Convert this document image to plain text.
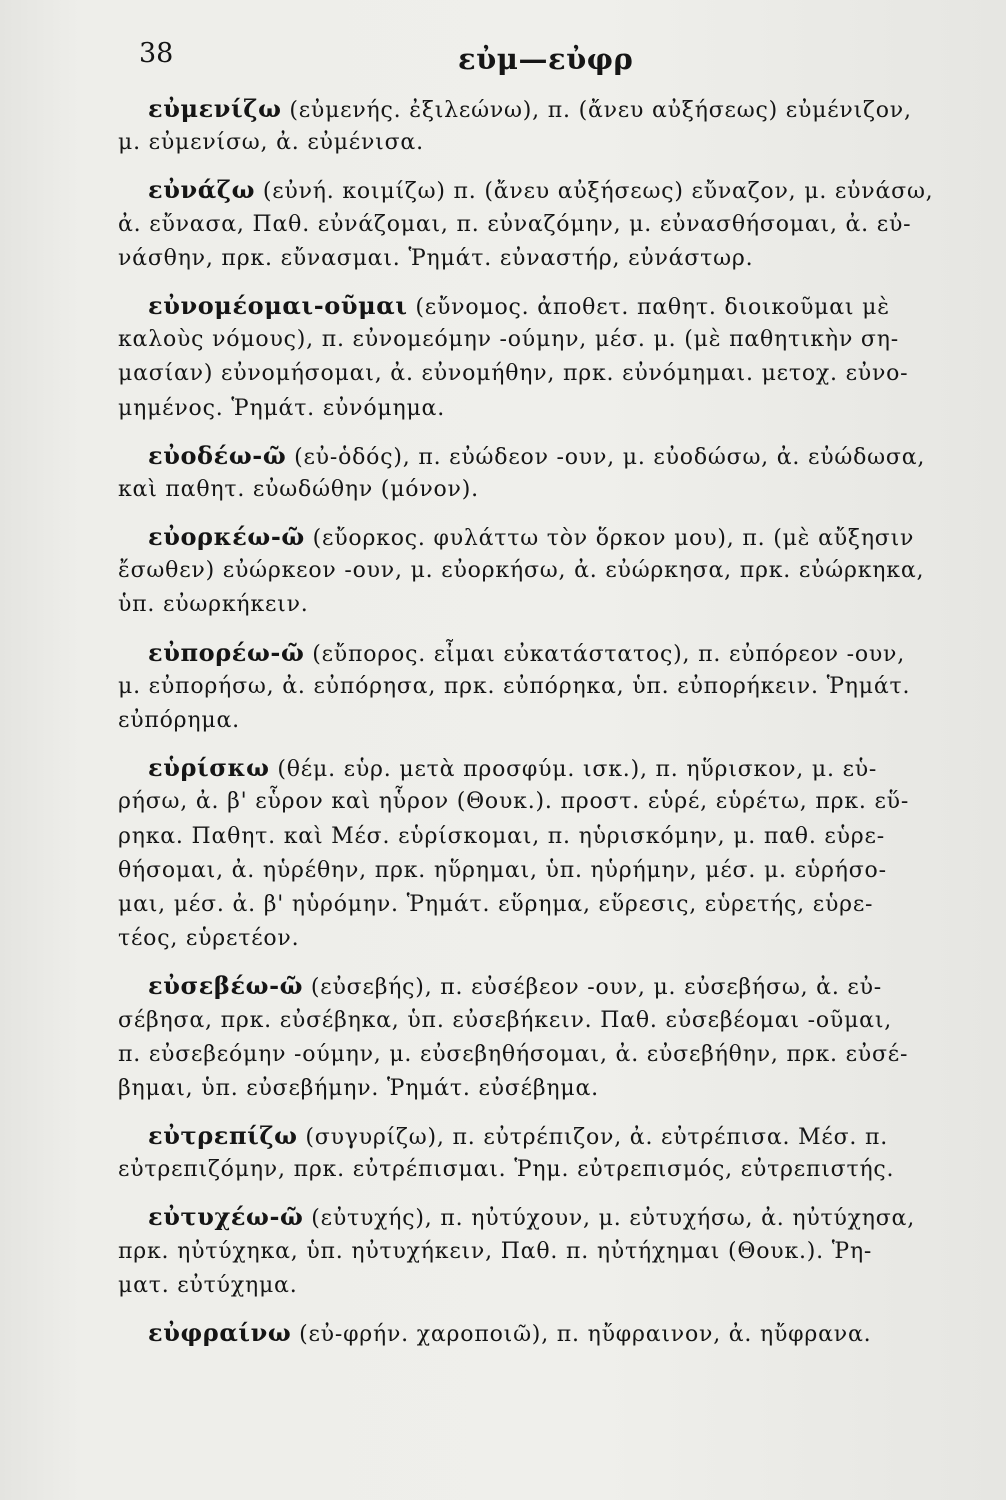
38	εὐμ—εὐφρ
εὐμενίζω (εὐμενής. ἐξιλεώνω), π. (ἄνευ αὐξήσεως) εὐμένιζον,
μ. εὐμενίσω, ἀ. εὐμένισα.
εὐνάζω (εὐνή. κοιμίζω) π. (ἄνευ αὐξήσεως) εὔναζον, μ. εὐνάσω,
ἀ. εὔνασα, Παθ. εὐνάζομαι, π. εὐναζόμην, μ. εὐνασθήσομαι, ἀ. εὐ-
νάσθην, πρκ. εὔνασμαι. Ῥημάτ. εὐναστήρ, εὐνάστωρ.
εὐνομέομαι-οῦμαι (εὔνομος. ἀποθετ. παθητ. διοικοῦμαι μὲ
καλοὺς νόμους), π. εὐνομεόμην -ούμην, μέσ. μ. (μὲ παθητικὴν ση-
μασίαν) εὐνομήσομαι, ἀ. εὐνομήθην, πρκ. εὐνόμημαι. μετοχ. εὐνο-
μημένος. Ῥημάτ. εὐνόμημα.
εὐοδέω-ῶ (εὐ-ὁδός), π. εὐώδεον -ουν, μ. εὐοδώσω, ἀ. εὐώδωσα,
καὶ παθητ. εὐωδώθην (μόνον).
εὐορκέω-ῶ (εὔορκος. φυλάττω τὸν ὅρκον μου), π. (μὲ αὔξησιν
ἔσωθεν) εὐώρκεον -ουν, μ. εὐορκήσω, ἀ. εὐώρκησα, πρκ. εὐώρκηκα,
ὑπ. εὐωρκήκειν.
εὐπορέω-ῶ (εὔπορος. εἶμαι εὐκατάστατος), π. εὐπόρεον -ουν,
μ. εὐπορήσω, ἀ. εὐπόρησα, πρκ. εὐπόρηκα, ὑπ. εὐπορήκειν. Ῥημάτ.
εὐπόρημα.
εὑρίσκω (θέμ. εὑρ. μετὰ προσφύμ. ισκ.), π. ηὕρισκον, μ. εὑ-
ρήσω, ἀ. β' εὗρον καὶ ηὗρον (Θουκ.). προστ. εὑρέ, εὑρέτω, πρκ. εὕ-
ρηκα. Παθητ. καὶ Μέσ. εὑρίσκομαι, π. ηὑρισκόμην, μ. παθ. εὑρε-
θήσομαι, ἀ. ηὑρέθην, πρκ. ηὕρημαι, ὑπ. ηὑρήμην, μέσ. μ. εὑρήσο-
μαι, μέσ. ἀ. β' ηὑρόμην. Ῥημάτ. εὕρημα, εὕρεσις, εὑρετής, εὑρε-
τέος, εὑρετέον.
εὐσεβέω-ῶ (εὐσεβής), π. εὐσέβεον -ουν, μ. εὐσεβήσω, ἀ. εὐ-
σέβησα, πρκ. εὐσέβηκα, ὑπ. εὐσεβήκειν. Παθ. εὐσεβέομαι -οῦμαι,
π. εὐσεβεόμην -ούμην, μ. εὐσεβηθήσομαι, ἀ. εὐσεβήθην, πρκ. εὐσέ-
βημαι, ὑπ. εὐσεβήμην. Ῥημάτ. εὐσέβημα.
εὐτρεπίζω (συγυρίζω), π. εὐτρέπιζον, ἀ. εὐτρέπισα. Μέσ. π.
εὐτρεπιζόμην, πρκ. εὐτρέπισμαι. Ῥημ. εὐτρεπισμός, εὐτρεπιστής.
εὐτυχέω-ῶ (εὐτυχής), π. ηὐτύχουν, μ. εὐτυχήσω, ἀ. ηὐτύχησα,
πρκ. ηὐτύχηκα, ὑπ. ηὐτυχήκειν, Παθ. π. ηὐτήχημαι (Θουκ.). Ῥη-
ματ. εὐτύχημα.
εὐφραίνω (εὐ-φρήν. χαροποιῶ), π. ηὔφραινον, ἀ. ηὔφρανα.
